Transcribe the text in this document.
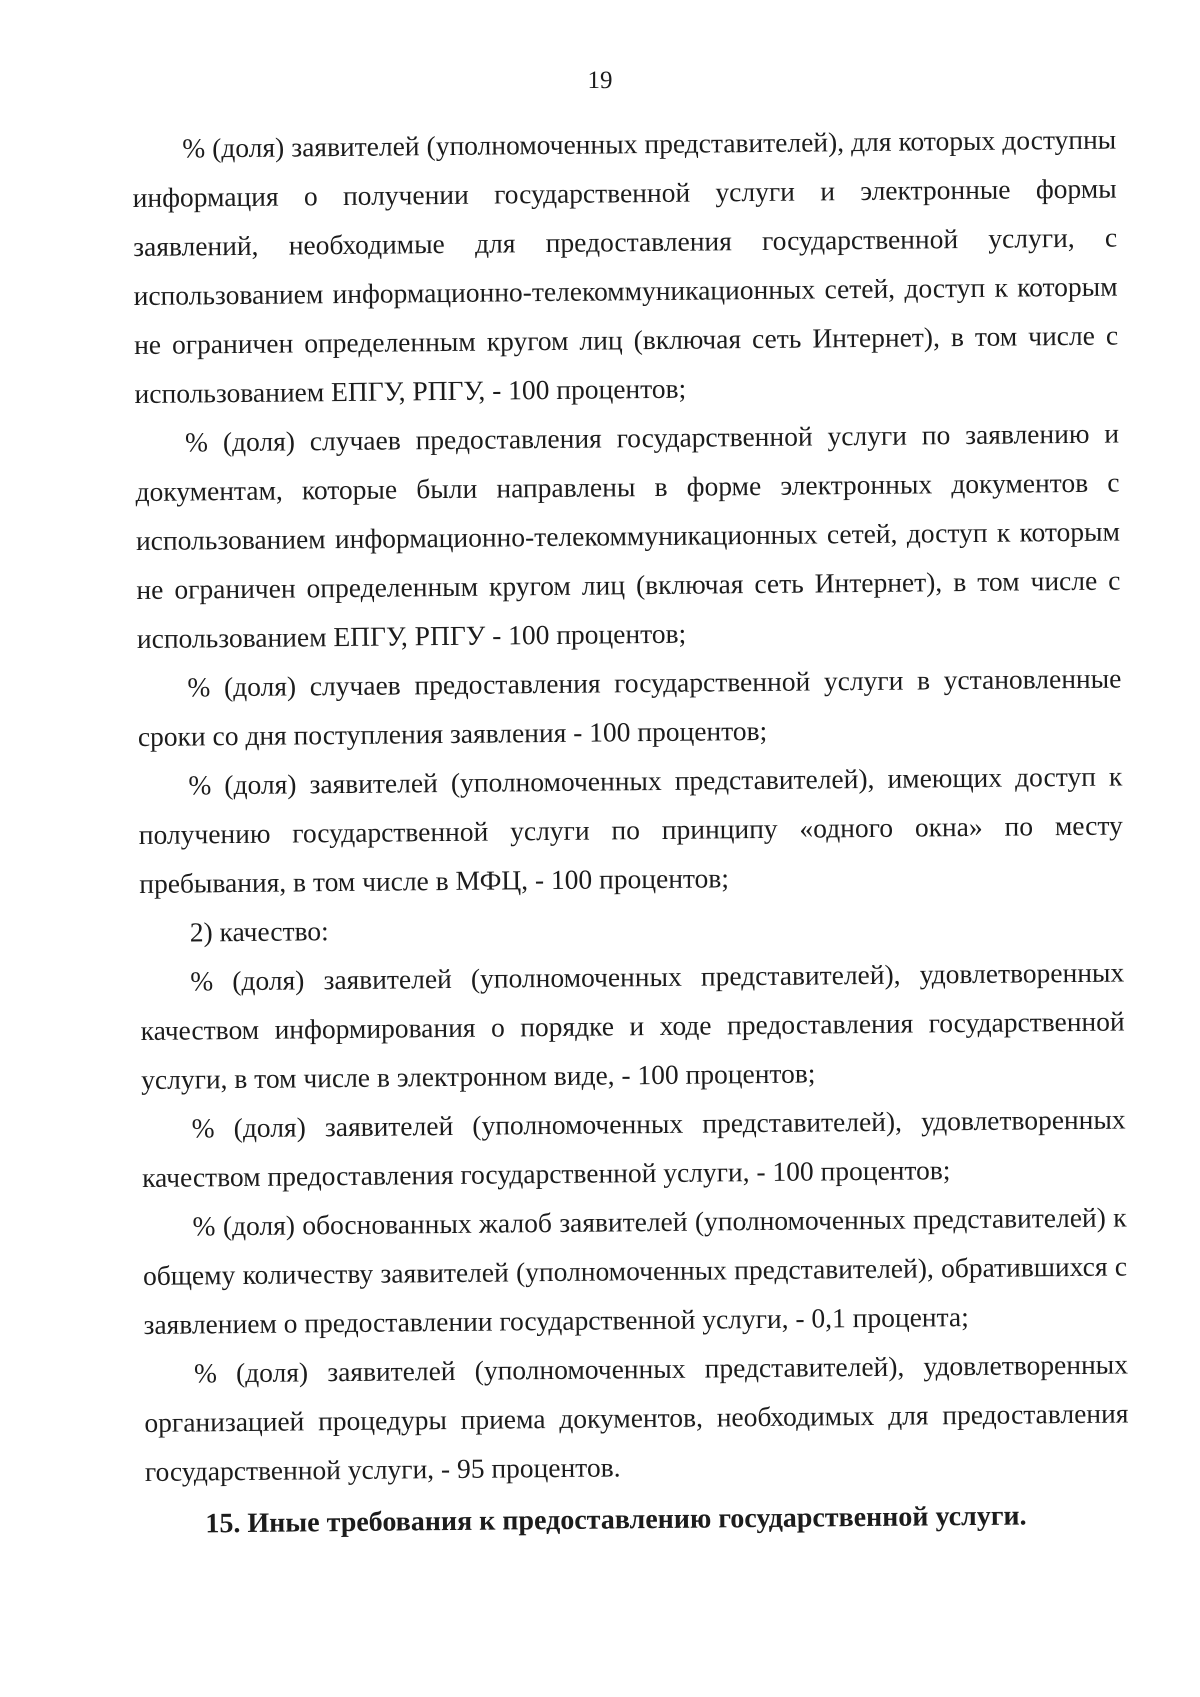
19

% (доля) заявителей (уполномоченных представителей), для которых доступны информация о получении государственной услуги и электронные формы заявлений, необходимые для предоставления государственной услуги, с использованием информационно-телекоммуникационных сетей, доступ к которым не ограничен определенным кругом лиц (включая сеть Интернет), в том числе с использованием ЕПГУ, РПГУ, - 100 процентов;

% (доля) случаев предоставления государственной услуги по заявлению и документам, которые были направлены в форме электронных документов с использованием информационно-телекоммуникационных сетей, доступ к которым не ограничен определенным кругом лиц (включая сеть Интернет), в том числе с использованием ЕПГУ, РПГУ - 100 процентов;

% (доля) случаев предоставления государственной услуги в установленные сроки со дня поступления заявления - 100 процентов;

% (доля) заявителей (уполномоченных представителей), имеющих доступ к получению государственной услуги по принципу «одного окна» по месту пребывания, в том числе в МФЦ, - 100 процентов;

2) качество:

% (доля) заявителей (уполномоченных представителей), удовлетворенных качеством информирования о порядке и ходе предоставления государственной услуги, в том числе в электронном виде, - 100 процентов;

% (доля) заявителей (уполномоченных представителей), удовлетворенных качеством предоставления государственной услуги, - 100 процентов;

% (доля) обоснованных жалоб заявителей (уполномоченных представителей) к общему количеству заявителей (уполномоченных представителей), обратившихся с заявлением о предоставлении государственной услуги, - 0,1 процента;

% (доля) заявителей (уполномоченных представителей), удовлетворенных организацией процедуры приема документов, необходимых для предоставления государственной услуги, - 95 процентов.

15. Иные требования к предоставлению государственной услуги.
